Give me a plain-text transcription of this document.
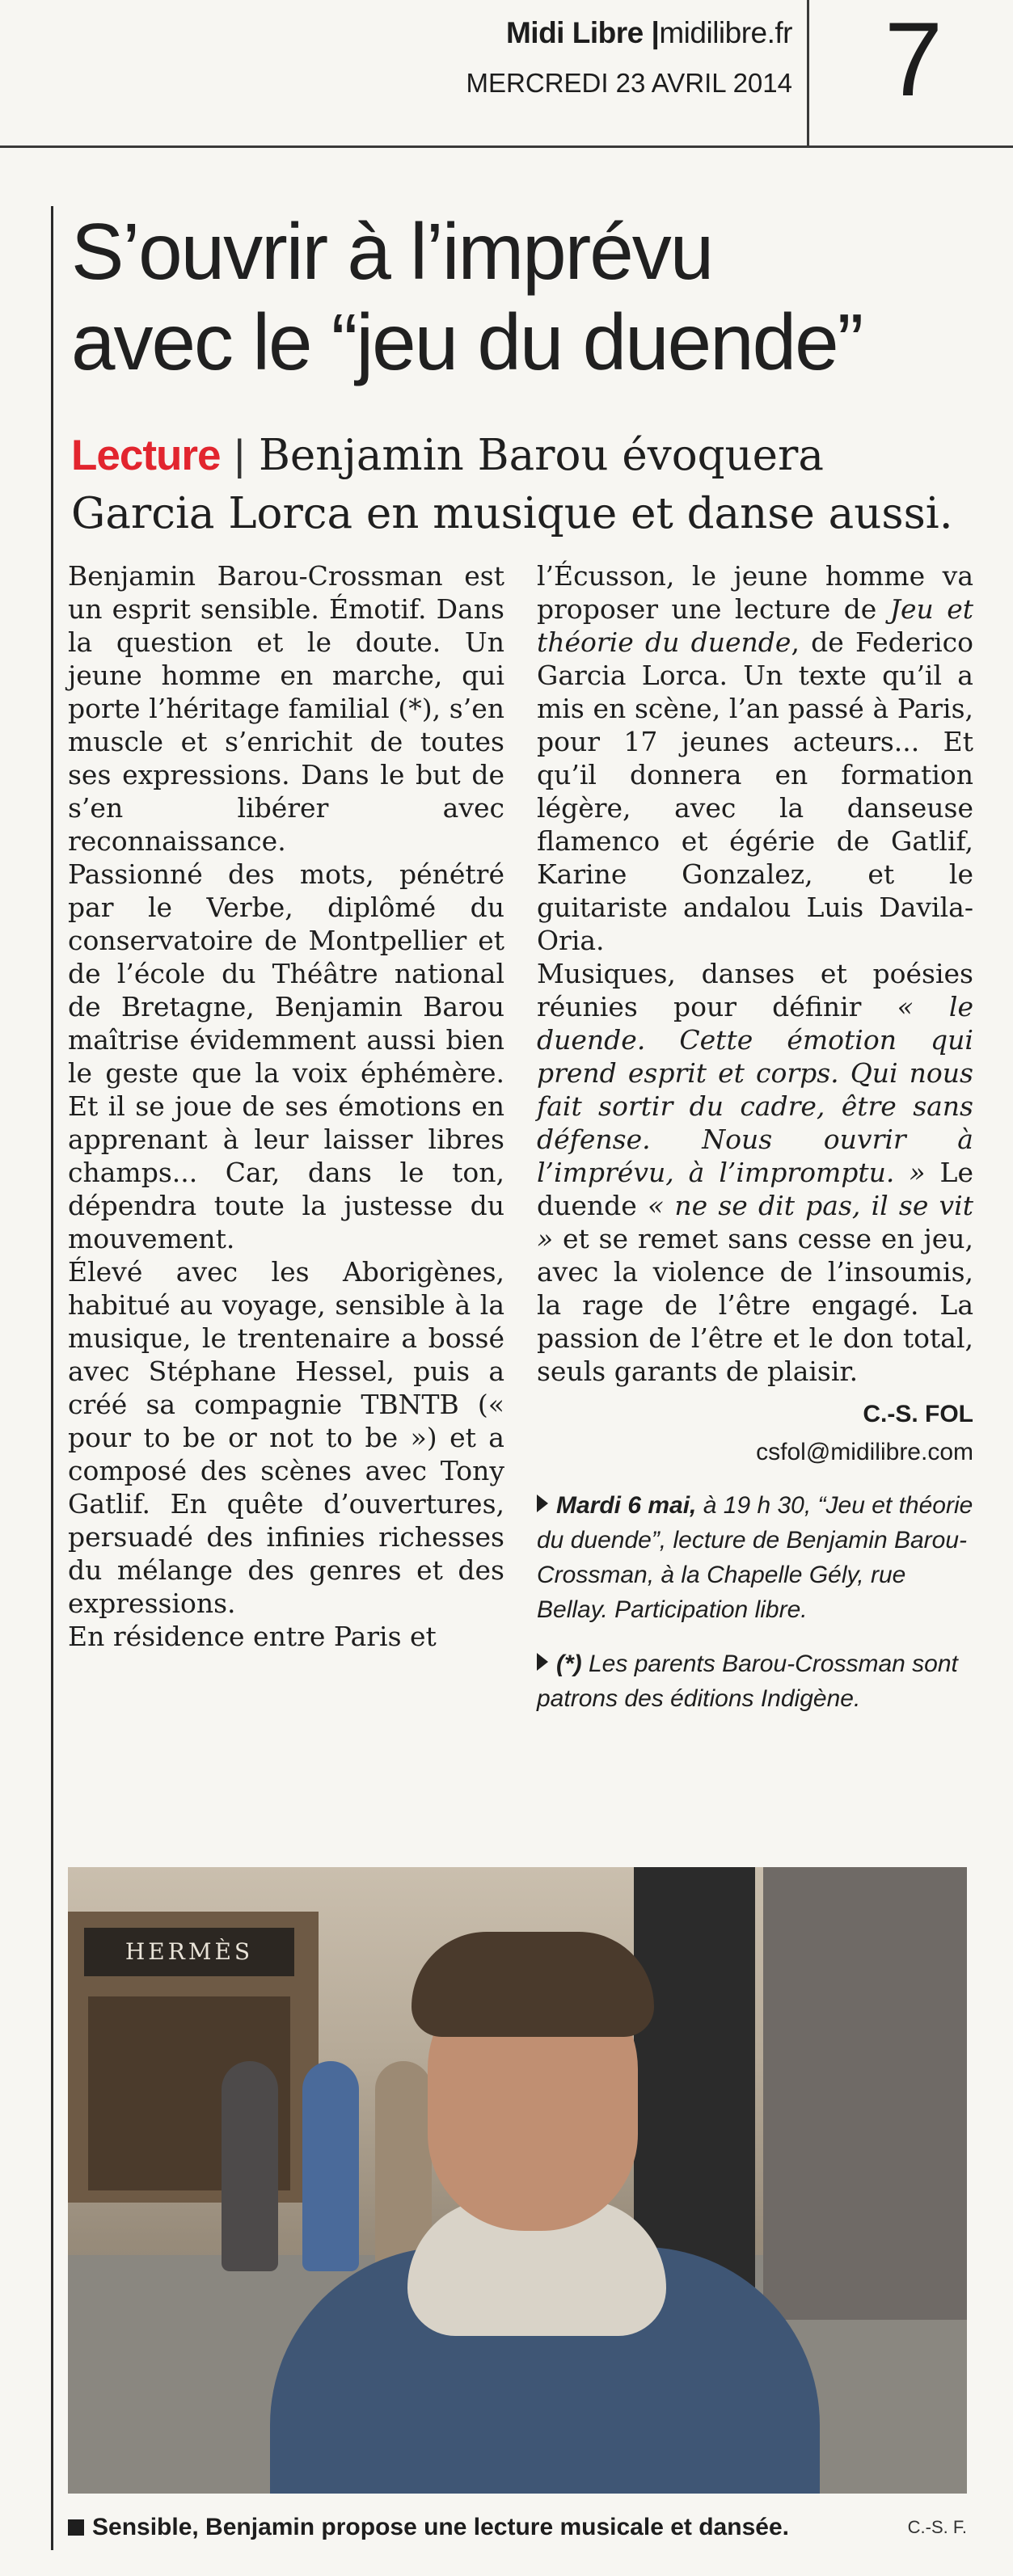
Midi Libre |midilibre.fr
MERCREDI 23 AVRIL 2014 7
S’ouvrir à l’imprévu
avec le “jeu du duende”
Lecture | Benjamin Barou évoquera
Garcia Lorca en musique et danse aussi.

Benjamin Barou-Crossman est un esprit sensible. Émotif. Dans la question et le doute. Un jeune homme en marche, qui porte l’héritage familial (*), s’en muscle et s’enrichit de toutes ses expressions. Dans le but de s’en libérer avec reconnaissance.

Passionné des mots, pénétré par le Verbe, diplômé du conservatoire de Montpellier et de l’école du Théâtre national de Bretagne, Benjamin Barou maîtrise évidemment aussi bien le geste que la voix éphémère. Et il se joue de ses émotions en apprenant à leur laisser libres champs... Car, dans le ton, dépendra toute la justesse du mouvement.

Élevé avec les Aborigènes, habitué au voyage, sensible à la musique, le trentenaire a bossé avec Stéphane Hessel, puis a créé sa compagnie TBNTB (« pour to be or not to be ») et a composé des scènes avec Tony Gatlif. En quête d’ouvertures, persuadé des infinies richesses du mélange des genres et des expressions.

En résidence entre Paris et

l’Écusson, le jeune homme va proposer une lecture de Jeu et théorie du duende, de Federico Garcia Lorca. Un texte qu’il a mis en scène, l’an passé à Paris, pour 17 jeunes acteurs... Et qu’il donnera en formation légère, avec la danseuse flamenco et égérie de Gatlif, Karine Gonzalez, et le guitariste andalou Luis Davila-Oria.

Musiques, danses et poésies réunies pour définir « le duende. Cette émotion qui prend esprit et corps. Qui nous fait sortir du cadre, être sans défense. Nous ouvrir à l’imprévu, à l’impromptu. » Le duende « ne se dit pas, il se vit » et se remet sans cesse en jeu, avec la violence de l’insoumis, la rage de l’être engagé. La passion de l’être et le don total, seuls garants de plaisir.

C.-S. FOL
csfol@midilibre.com
Mardi 6 mai, à 19 h 30, “Jeu et théorie du duende”, lecture de Benjamin Barou-Crossman, à la Chapelle Gély, rue Bellay. Participation libre.
(*) Les parents Barou-Crossman sont patrons des éditions Indigène.
HERMÈS
Sensible, Benjamin propose une lecture musicale et dansée.	C.-S. F.
